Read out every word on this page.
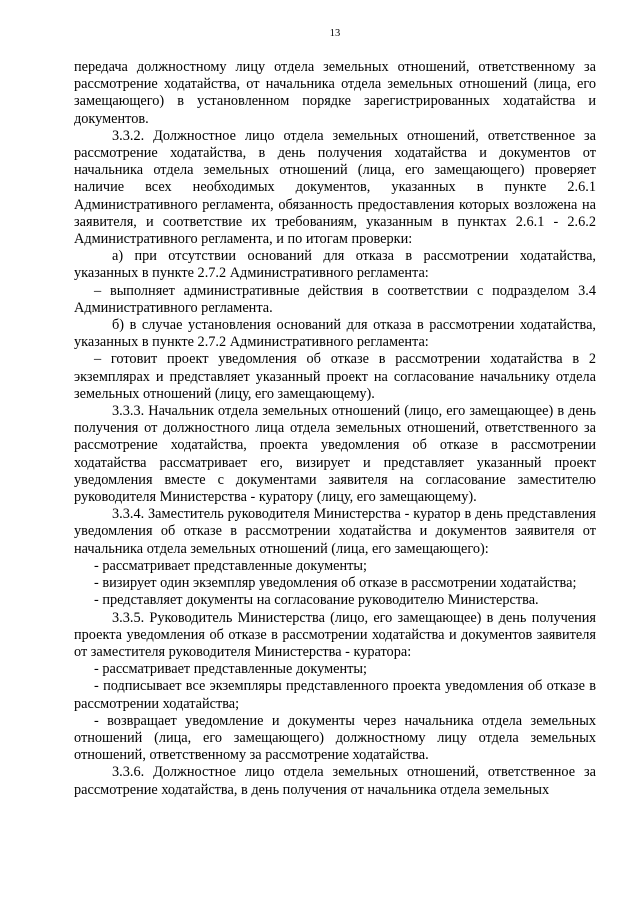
13

передача должностному лицу отдела земельных отношений, ответственному за рассмотрение ходатайства, от начальника отдела земельных отношений (лица, его замещающего) в установленном порядке зарегистрированных ходатайства и документов.

3.3.2. Должностное лицо отдела земельных отношений, ответственное за рассмотрение ходатайства, в день получения ходатайства и документов от начальника отдела земельных отношений (лица, его замещающего) проверяет наличие всех необходимых документов, указанных в пункте 2.6.1 Административного регламента, обязанность предоставления которых возложена на заявителя, и соответствие их требованиям, указанным в пунктах 2.6.1 - 2.6.2 Административного регламента, и по итогам проверки:

а) при отсутствии оснований для отказа в рассмотрении ходатайства, указанных в пункте 2.7.2 Административного регламента:

– выполняет административные действия в соответствии с подразделом 3.4 Административного регламента.

б) в случае установления оснований для отказа в рассмотрении ходатайства, указанных в пункте 2.7.2 Административного регламента:

– готовит проект уведомления об отказе в рассмотрении ходатайства в 2 экземплярах и представляет указанный проект на согласование начальнику отдела земельных отношений (лицу, его замещающему).

3.3.3. Начальник отдела земельных отношений (лицо, его замещающее) в день получения от должностного лица отдела земельных отношений, ответственного за рассмотрение ходатайства, проекта уведомления об отказе в рассмотрении ходатайства рассматривает его, визирует и представляет указанный проект уведомления вместе с документами заявителя на согласование заместителю руководителя Министерства - куратору (лицу, его замещающему).

3.3.4. Заместитель руководителя Министерства - куратор в день представления уведомления об отказе в рассмотрении ходатайства и документов заявителя от начальника отдела земельных отношений (лица, его замещающего):

- рассматривает представленные документы;

- визирует один экземпляр уведомления об отказе в рассмотрении ходатайства;

- представляет документы на согласование руководителю Министерства.

3.3.5. Руководитель Министерства (лицо, его замещающее) в день получения проекта уведомления об отказе в рассмотрении ходатайства и документов заявителя от заместителя руководителя Министерства - куратора:

- рассматривает представленные документы;

- подписывает все экземпляры представленного проекта уведомления об отказе в рассмотрении ходатайства;

- возвращает уведомление и документы через начальника отдела земельных отношений (лица, его замещающего) должностному лицу отдела земельных отношений, ответственному за рассмотрение ходатайства.

3.3.6. Должностное лицо отдела земельных отношений, ответственное за рассмотрение ходатайства, в день получения от начальника отдела земельных
